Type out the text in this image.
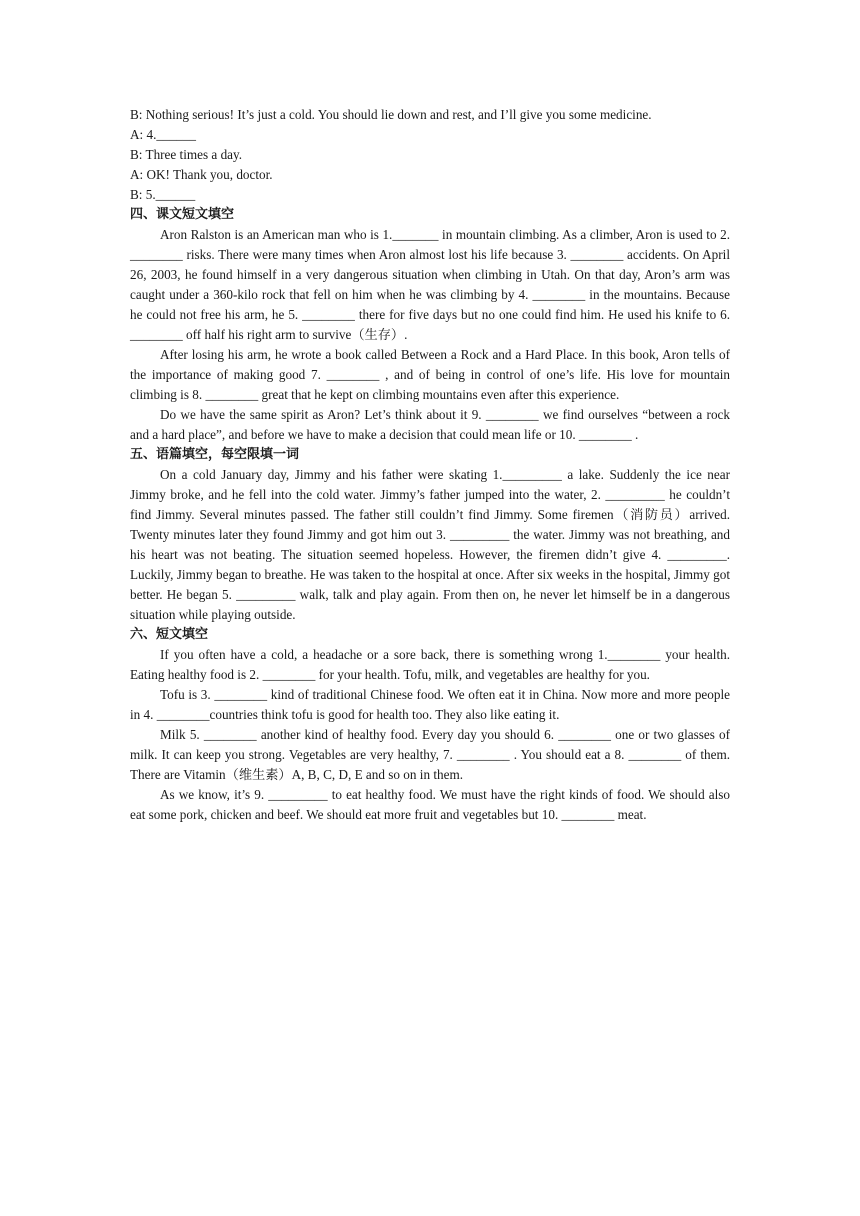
B: Nothing serious! It’s just a cold. You should lie down and rest, and I’ll give you some medicine.

A: 4.______

B: Three times a day.

A: OK! Thank you, doctor.

B: 5.______

四、课文短文填空

Aron Ralston is an American man who is 1._______ in mountain climbing. As a climber, Aron is used to 2. ________ risks. There were many times when Aron almost lost his life because 3. ________ accidents. On April 26, 2003, he found himself in a very dangerous situation when climbing in Utah. On that day, Aron’s arm was caught under a 360-kilo rock that fell on him when he was climbing by 4. ________ in the mountains. Because he could not free his arm, he 5. ________ there for five days but no one could find him. He used his knife to 6. ________ off half his right arm to survive（生存）.

After losing his arm, he wrote a book called Between a Rock and a Hard Place. In this book, Aron tells of the importance of making good 7. ________ , and of being in control of one’s life. His love for mountain climbing is 8. ________ great that he kept on climbing mountains even after this experience.

Do we have the same spirit as Aron? Let’s think about it 9. ________ we find ourselves “between a rock and a hard place”, and before we have to make a decision that could mean life or 10. ________ .

五、语篇填空，每空限填一词

On a cold January day, Jimmy and his father were skating 1._________ a lake. Suddenly the ice near Jimmy broke, and he fell into the cold water. Jimmy’s father jumped into the water, 2. _________ he couldn’t find Jimmy. Several minutes passed. The father still couldn’t find Jimmy. Some firemen（消防员）arrived. Twenty minutes later they found Jimmy and got him out 3. _________ the water. Jimmy was not breathing, and his heart was not beating. The situation seemed hopeless. However, the firemen didn’t give 4. _________. Luckily, Jimmy began to breathe. He was taken to the hospital at once. After six weeks in the hospital, Jimmy got better. He began 5. _________ walk, talk and play again. From then on, he never let himself be in a dangerous situation while playing outside.

六、短文填空

If you often have a cold, a headache or a sore back, there is something wrong 1.________ your health. Eating healthy food is 2. ________ for your health. Tofu, milk, and vegetables are healthy for you.

Tofu is 3. ________ kind of traditional Chinese food. We often eat it in China. Now more and more people in 4. ________countries think tofu is good for health too. They also like eating it.

Milk 5. ________ another kind of healthy food. Every day you should 6. ________ one or two glasses of milk. It can keep you strong. Vegetables are very healthy, 7. ________ . You should eat a 8. ________ of them. There are Vitamin（维生素）A, B, C, D, E and so on in them.

As we know, it’s 9. _________ to eat healthy food. We must have the right kinds of food. We should also eat some pork, chicken and beef. We should eat more fruit and vegetables but 10. ________ meat.
